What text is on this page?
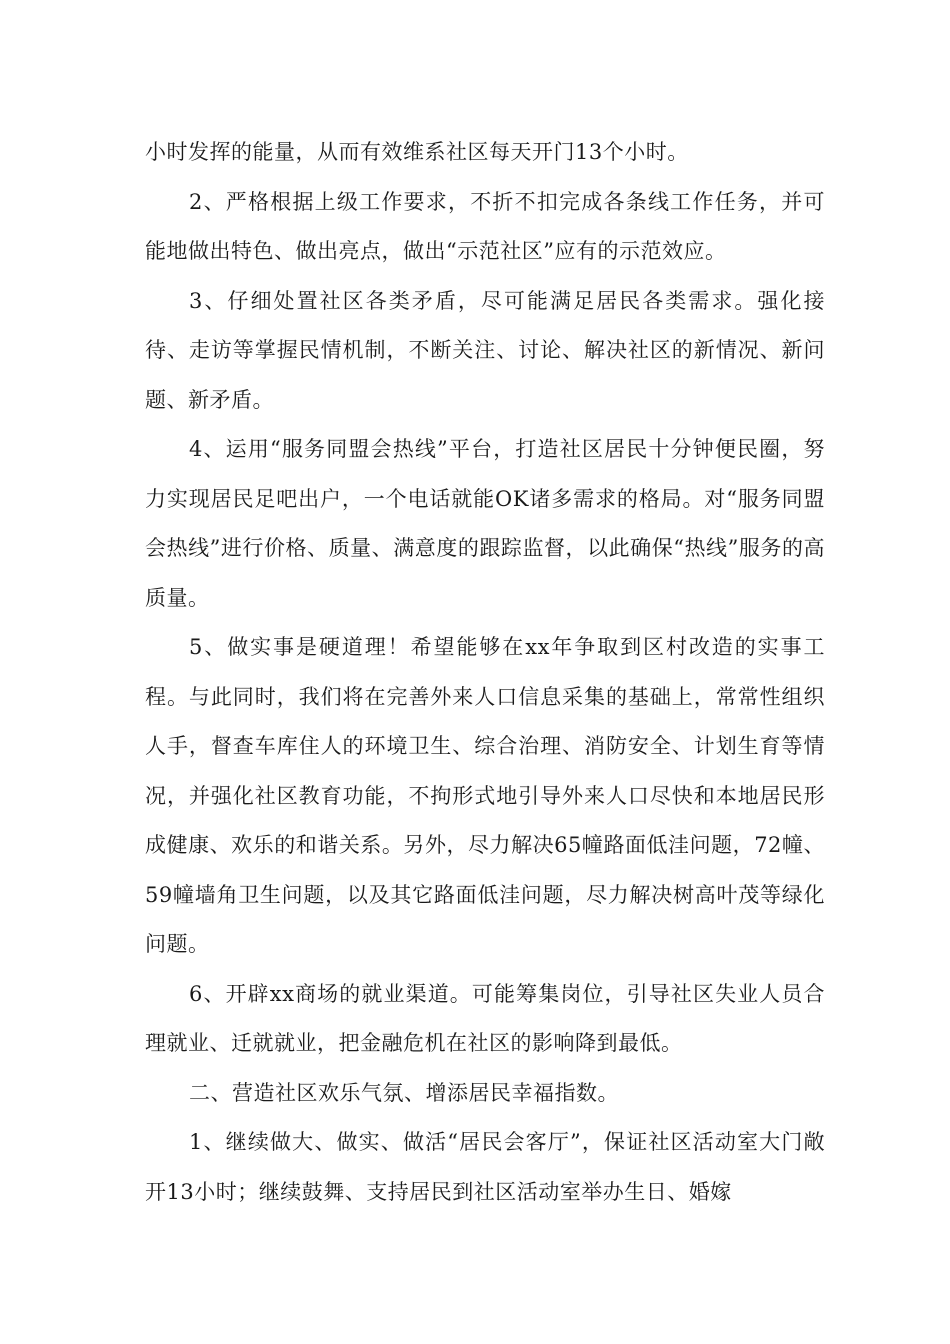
小时发挥的能量，从而有效维系社区每天开门13个小时。

2、严格根据上级工作要求，不折不扣完成各条线工作任务，并可能地做出特色、做出亮点，做出“示范社区”应有的示范效应。

3、仔细处置社区各类矛盾，尽可能满足居民各类需求。强化接待、走访等掌握民情机制，不断关注、讨论、解决社区的新情况、新问题、新矛盾。

4、运用“服务同盟会热线”平台，打造社区居民十分钟便民圈，努力实现居民足吧出户，一个电话就能OK诸多需求的格局。对“服务同盟会热线”进行价格、质量、满意度的跟踪监督，以此确保“热线”服务的高质量。

5、做实事是硬道理！希望能够在xx年争取到区村改造的实事工程。与此同时，我们将在完善外来人口信息采集的基础上，常常性组织人手，督查车库住人的环境卫生、综合治理、消防安全、计划生育等情况，并强化社区教育功能，不拘形式地引导外来人口尽快和本地居民形成健康、欢乐的和谐关系。另外，尽力解决65幢路面低洼问题，72幢、59幢墙角卫生问题，以及其它路面低洼问题，尽力解决树高叶茂等绿化问题。

6、开辟xx商场的就业渠道。可能筹集岗位，引导社区失业人员合理就业、迁就就业，把金融危机在社区的影响降到最低。

二、营造社区欢乐气氛、增添居民幸福指数。

1、继续做大、做实、做活“居民会客厅”，保证社区活动室大门敞开13小时；继续鼓舞、支持居民到社区活动室举办生日、婚嫁
